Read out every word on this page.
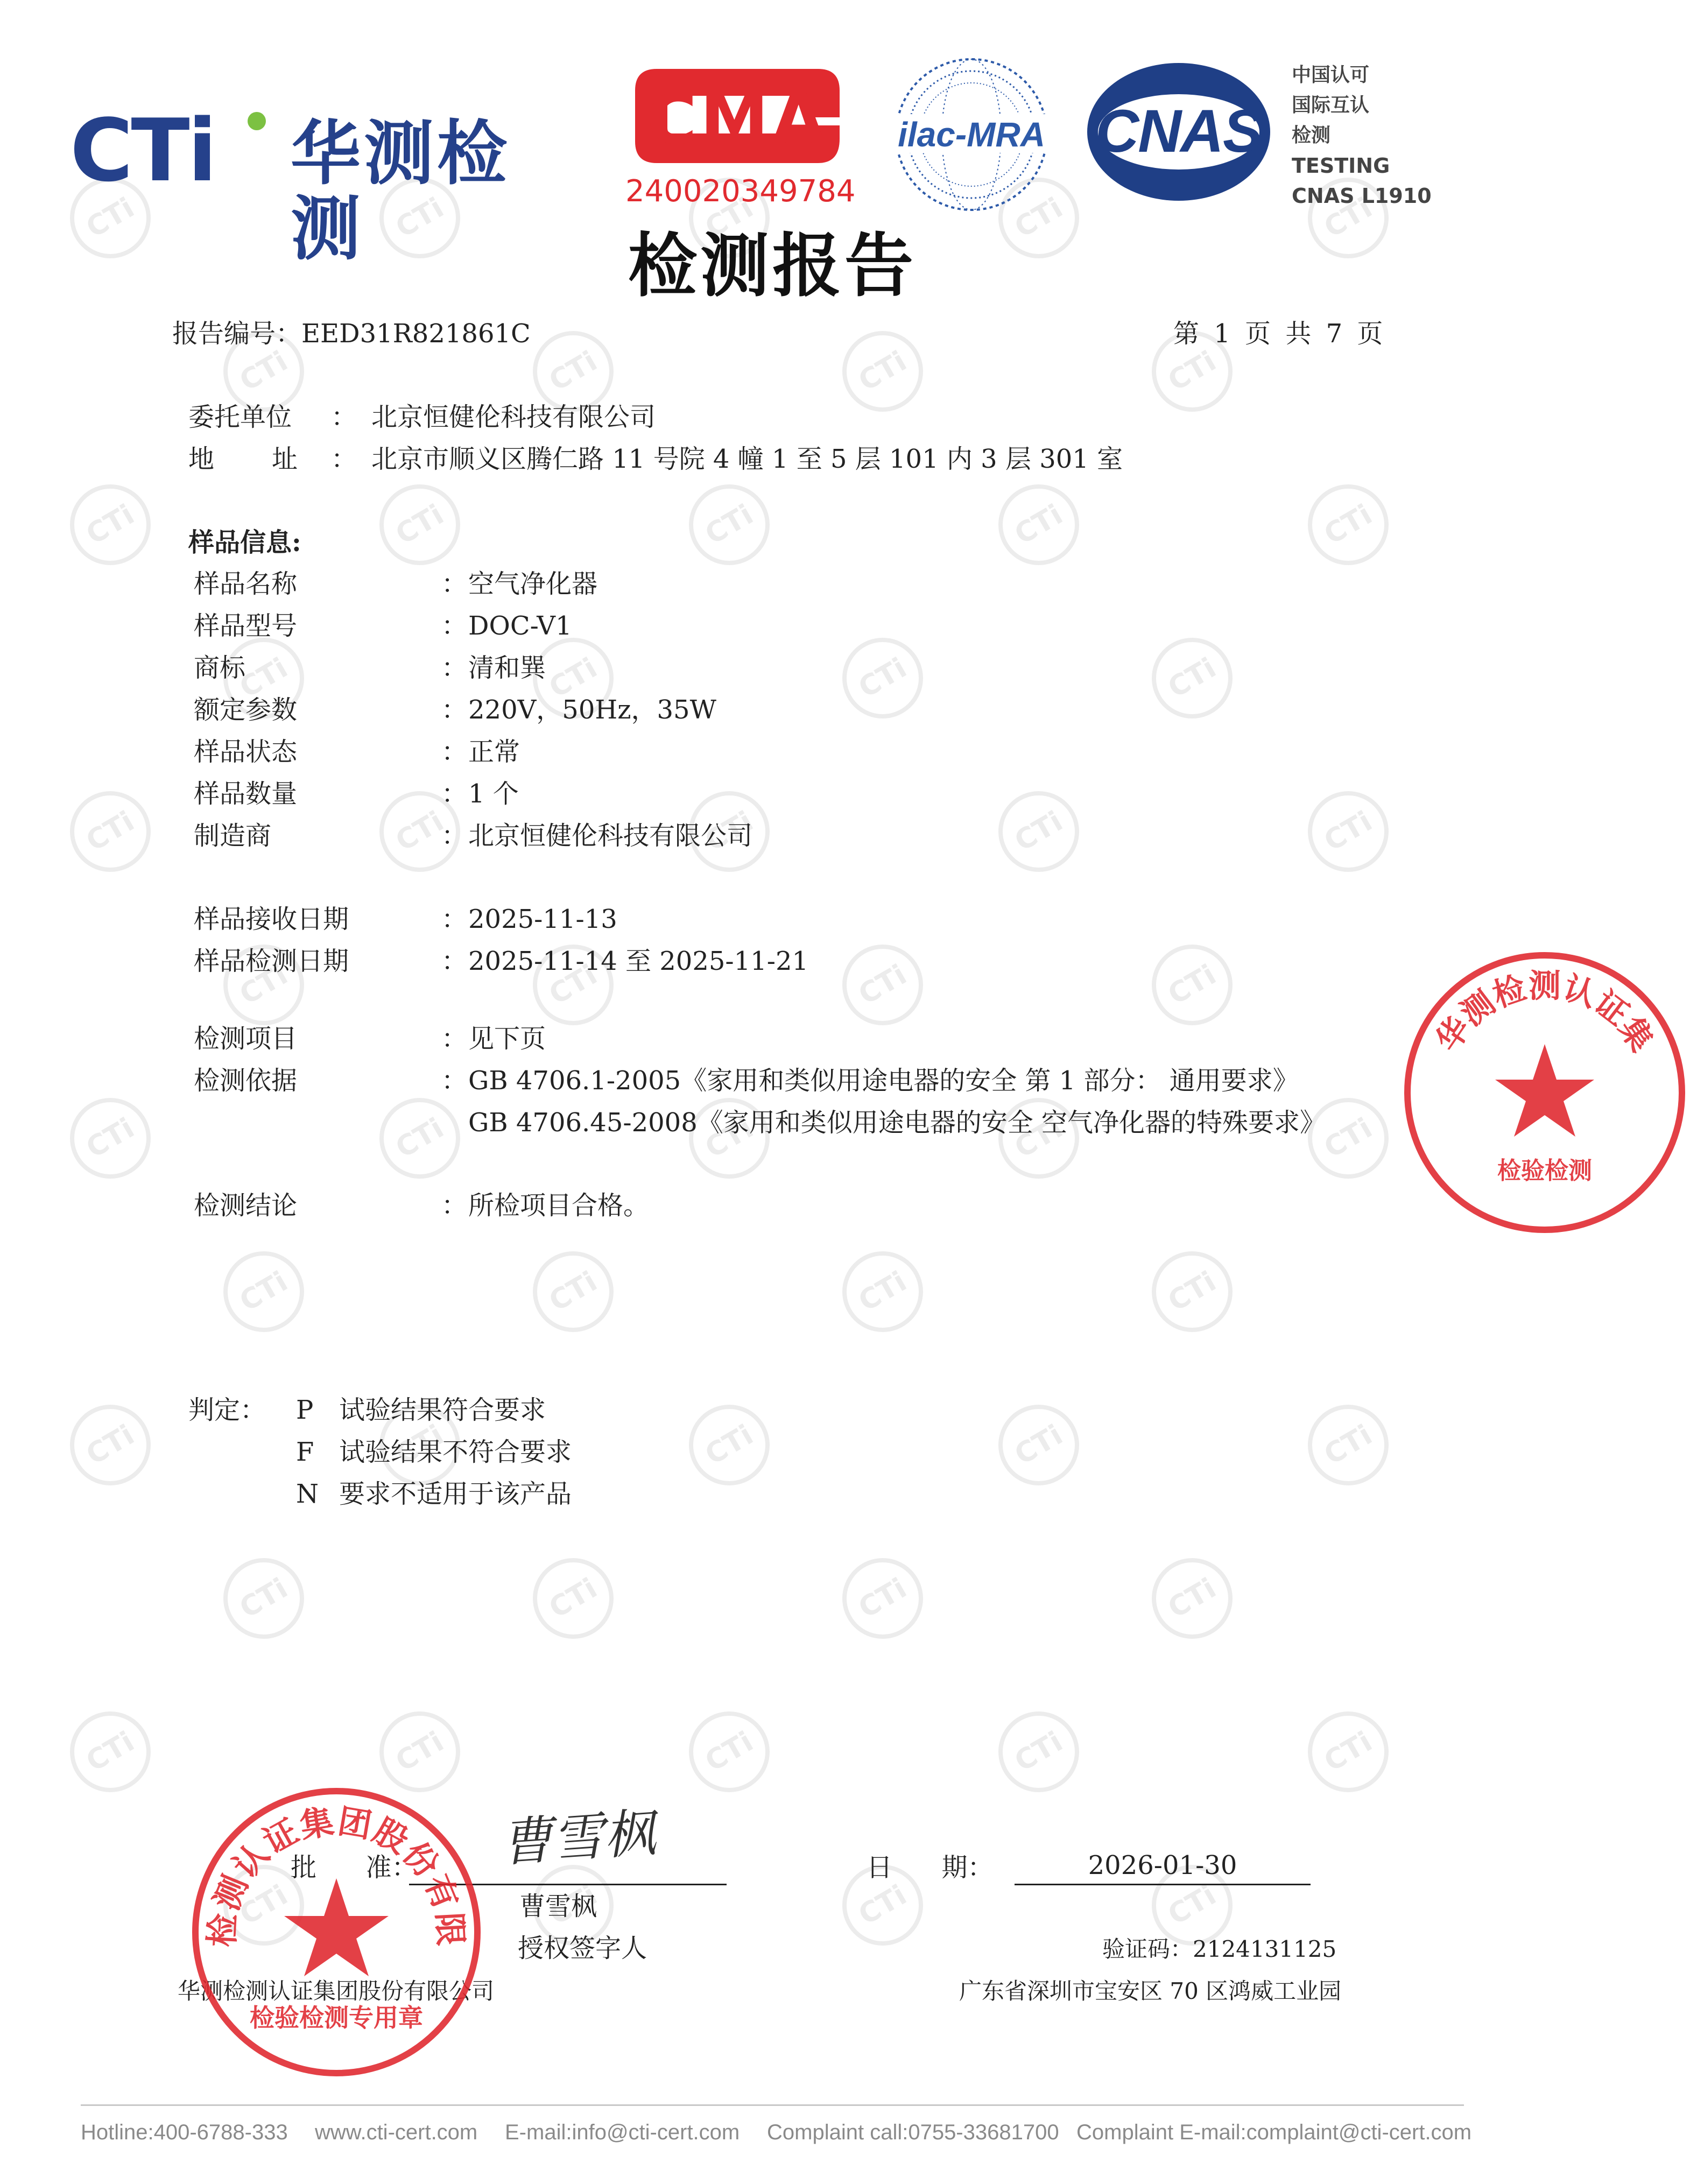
CTi
CTi
CTi
CTi
CTi
CTi
CTi
CTi
CTi
CTi
CTi
CTi
CTi
CTi
CTi
CTi
CTi
CTi
CTi
CTi
CTi
CTi
CTi
CTi
CTi
CTi
CTi
CTi
CTi
CTi
CTi
CTi
CTi
CTi
CTi
CTi
CTi
CTi
CTi
CTi
CTi
CTi
CTi
CTi
CTi
CTi
CTi
CTi
CTi
CTi
CTi
CTi
CTi
CTi
CTi 华测检测
CMA
240020349784
ilac-MRA CNAS
中国认可
国际互认
检测
TESTING
CNAS L1910
检测报告
报告编号：EED31R821861C	第 1 页 共 7 页
委托单位 ： 北京恒健伦科技有限公司
地 址 ： 北京市顺义区腾仁路 11 号院 4 幢 1 至 5 层 101 内 3 层 301 室
样品信息:
样品名称	： 空气净化器
样品型号	： DOC-V1
商标	： 清和巽
额定参数	： 220V，50Hz，35W
样品状态	： 正常
样品数量	： 1 个
制造商	： 北京恒健伦科技有限公司
样品接收日期	： 2025-11-13
样品检测日期	： 2025-11-14 至 2025-11-21
检测项目	： 见下页
检测依据	： GB 4706.1-2005《家用和类似用途电器的安全 第 1 部分： 通用要求》
GB 4706.45-2008《家用和类似用途电器的安全 空气净化器的特殊要求》
检测结论	： 所检项目合格。
判定： P 试验结果符合要求
F 试验结果不符合要求
N 要求不适用于该产品
批      准： 曹雪枫
曹雪枫
授权签字人
华测检测认证集团股份有限公司
日      期：	2026-01-30
验证码：2124131125
广东省深圳市宝安区 70 区鸿威工业园
检测认证集团股份有限
检验检测专用章
华测检测认证集
检验检测
Hotline:400-6788-333 www.cti-cert.com E-mail:info@cti-cert.com Complaint call:0755-33681700 Complaint E-mail:complaint@cti-cert.com
